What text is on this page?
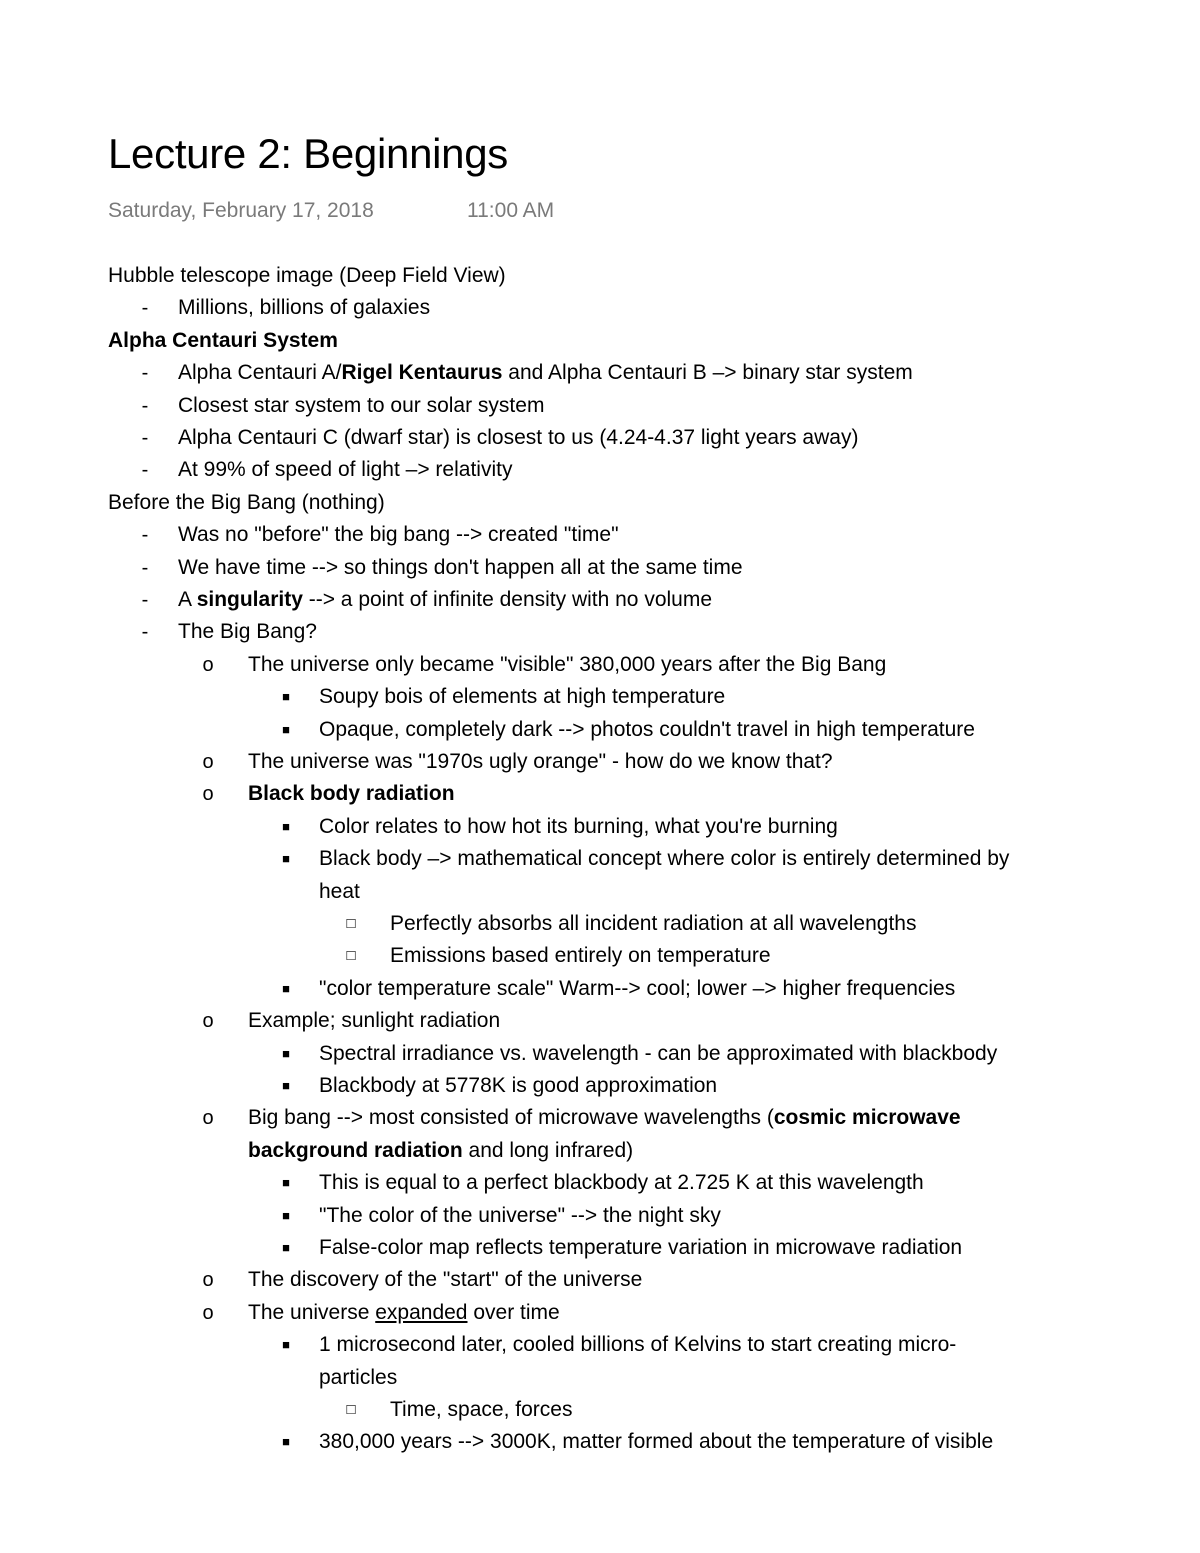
Lecture 2: Beginnings
Saturday, February 17, 2018	11:00 AM
Hubble telescope image (Deep Field View)
- Millions, billions of galaxies
Alpha Centauri System
- Alpha Centauri A/Rigel Kentaurus and Alpha Centauri B –> binary star system
- Closest star system to our solar system
- Alpha Centauri C (dwarf star) is closest to us (4.24-4.37 light years away)
- At 99% of speed of light –> relativity
Before the Big Bang (nothing)
- Was no "before" the big bang --> created "time"
- We have time --> so things don't happen all at the same time
- A singularity --> a point of infinite density with no volume
- The Big Bang?
o The universe only became "visible" 380,000 years after the Big Bang
■ Soupy bois of elements at high temperature
■ Opaque, completely dark --> photos couldn't travel in high temperature
o The universe was "1970s ugly orange" - how do we know that?
o Black body radiation
■ Color relates to how hot its burning, what you're burning
■ Black body –> mathematical concept where color is entirely determined by
heat
□ Perfectly absorbs all incident radiation at all wavelengths
□ Emissions based entirely on temperature
■ "color temperature scale" Warm--> cool; lower –> higher frequencies
o Example; sunlight radiation
■ Spectral irradiance vs. wavelength - can be approximated with blackbody
■ Blackbody at 5778K is good approximation
o Big bang --> most consisted of microwave wavelengths (cosmic microwave
background radiation and long infrared)
■ This is equal to a perfect blackbody at 2.725 K at this wavelength
■ "The color of the universe" --> the night sky
■ False-color map reflects temperature variation in microwave radiation
o The discovery of the "start" of the universe
o The universe expanded over time
■ 1 microsecond later, cooled billions of Kelvins to start creating micro-
particles
□ Time, space, forces
■ 380,000 years --> 3000K, matter formed about the temperature of visible
